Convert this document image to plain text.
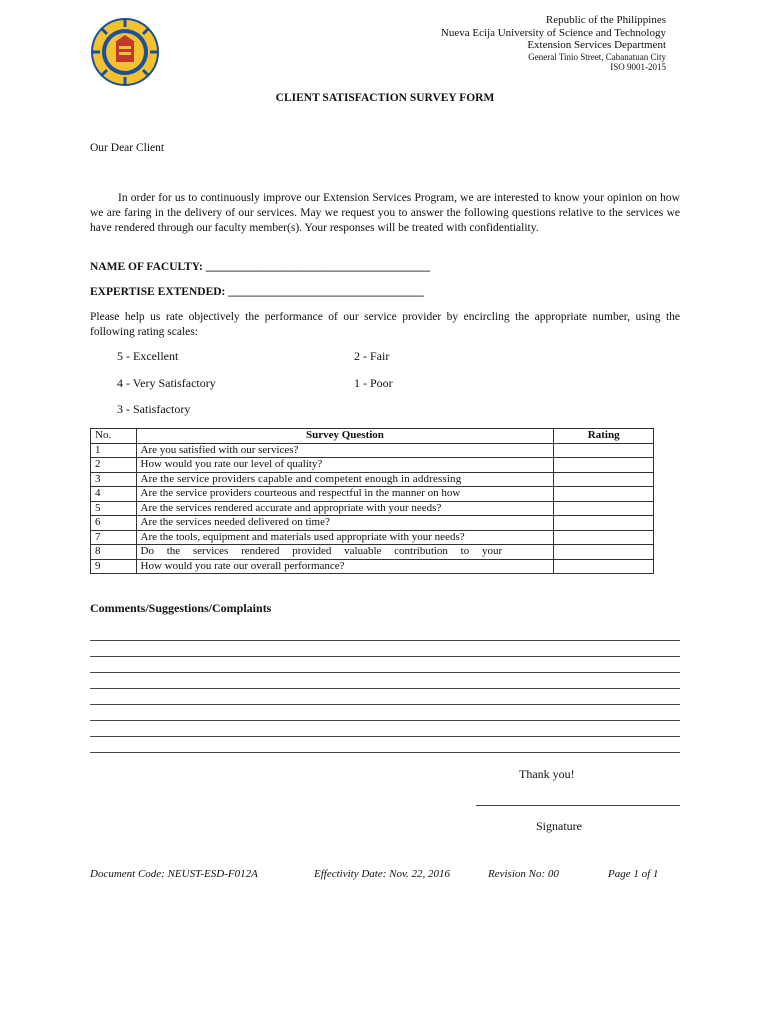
Republic of the Philippines
Nueva Ecija University of Science and Technology
Extension Services Department
General Tinio Street, Cabanatuan City
ISO 9001-2015
CLIENT SATISFACTION SURVEY FORM
Our Dear Client
In order for us to continuously improve our Extension Services Program, we are interested to know your opinion on how we are faring in the delivery of our services. May we request you to answer the following questions relative to the services we have rendered through our faculty member(s). Your responses will be treated with confidentiality.
NAME OF FACULTY: _______________________________________
EXPERTISE EXTENDED: __________________________________
Please help us rate objectively the performance of our service provider by encircling the appropriate number, using the following rating scales:
5 - Excellent	2 - Fair
4 - Very Satisfactory	1 - Poor
3 - Satisfactory
No.	Survey Question	Rating
1	Are you satisfied with our services?	
2	How would you rate our level of quality?	
3	Are the service providers capable and competent enough in addressing	
4	Are the service providers courteous and respectful in the manner on how	
5	Are the services rendered accurate and appropriate with your needs?	
6	Are the services needed delivered on time?	
7	Are the tools, equipment and materials used appropriate with your needs?	
8	Do the services rendered provided valuable contribution to your	
9	How would you rate our overall performance?	
Comments/Suggestions/Complaints
Thank you!
Signature
Document Code: NEUST-ESD-F012A	Effectivity Date: Nov. 22, 2016	Revision No: 00	Page 1 of 1
